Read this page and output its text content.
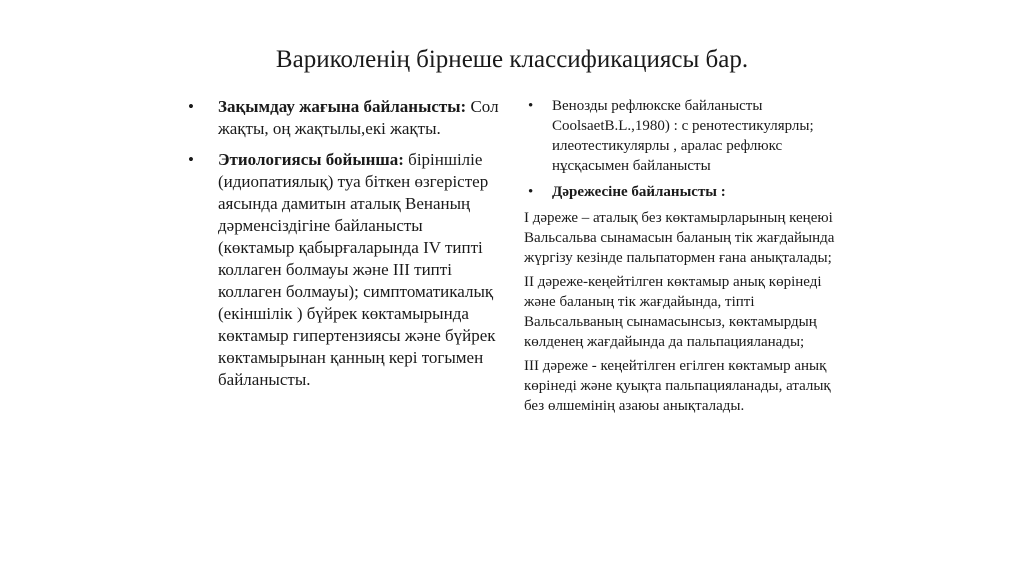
Вариколенің бірнеше классификациясы бар.
• Зақымдау жағына байланысты: Сол жақты, оң жақтылы,екі жақты.
• Этиологиясы бойынша: біріншіліе (идиопатиялық) туа біткен өзгерістер аясында дамитын аталық Венаның дәрменсіздігіне байланысты (көктамыр қабырғаларында IV типті коллаген болмауы және III типті коллаген болмауы); симптоматикалық (екіншілік ) бүйрек көктамырында көктамыр гипертензиясы және бүйрек көктамырынан қанның кері тогымен байланысты.
• Венозды рефлюкске байланысты CoolsaetB.L.,1980) : с ренотестикулярлы; илеотестикулярлы , аралас рефлюкс нұсқасымен байланысты
• Дәрежесіне байланысты :

І дәреже – аталық без көктамырларының кеңеюі Вальсальва сынамасын баланың тік жағдайында жүргізу кезінде пальпатормен ғана анықталады;

ІІ дәреже-кеңейтілген көктамыр анық көрінеді және баланың тік жағдайында, тіпті Вальсальваның сынамасынсыз, көктамырдың көлденең жағдайында да пальпацияланады;

III дәреже - кеңейтілген егілген көктамыр анық көрінеді және қуықта пальпацияланады, аталық без өлшемінің азаюы анықталады.
